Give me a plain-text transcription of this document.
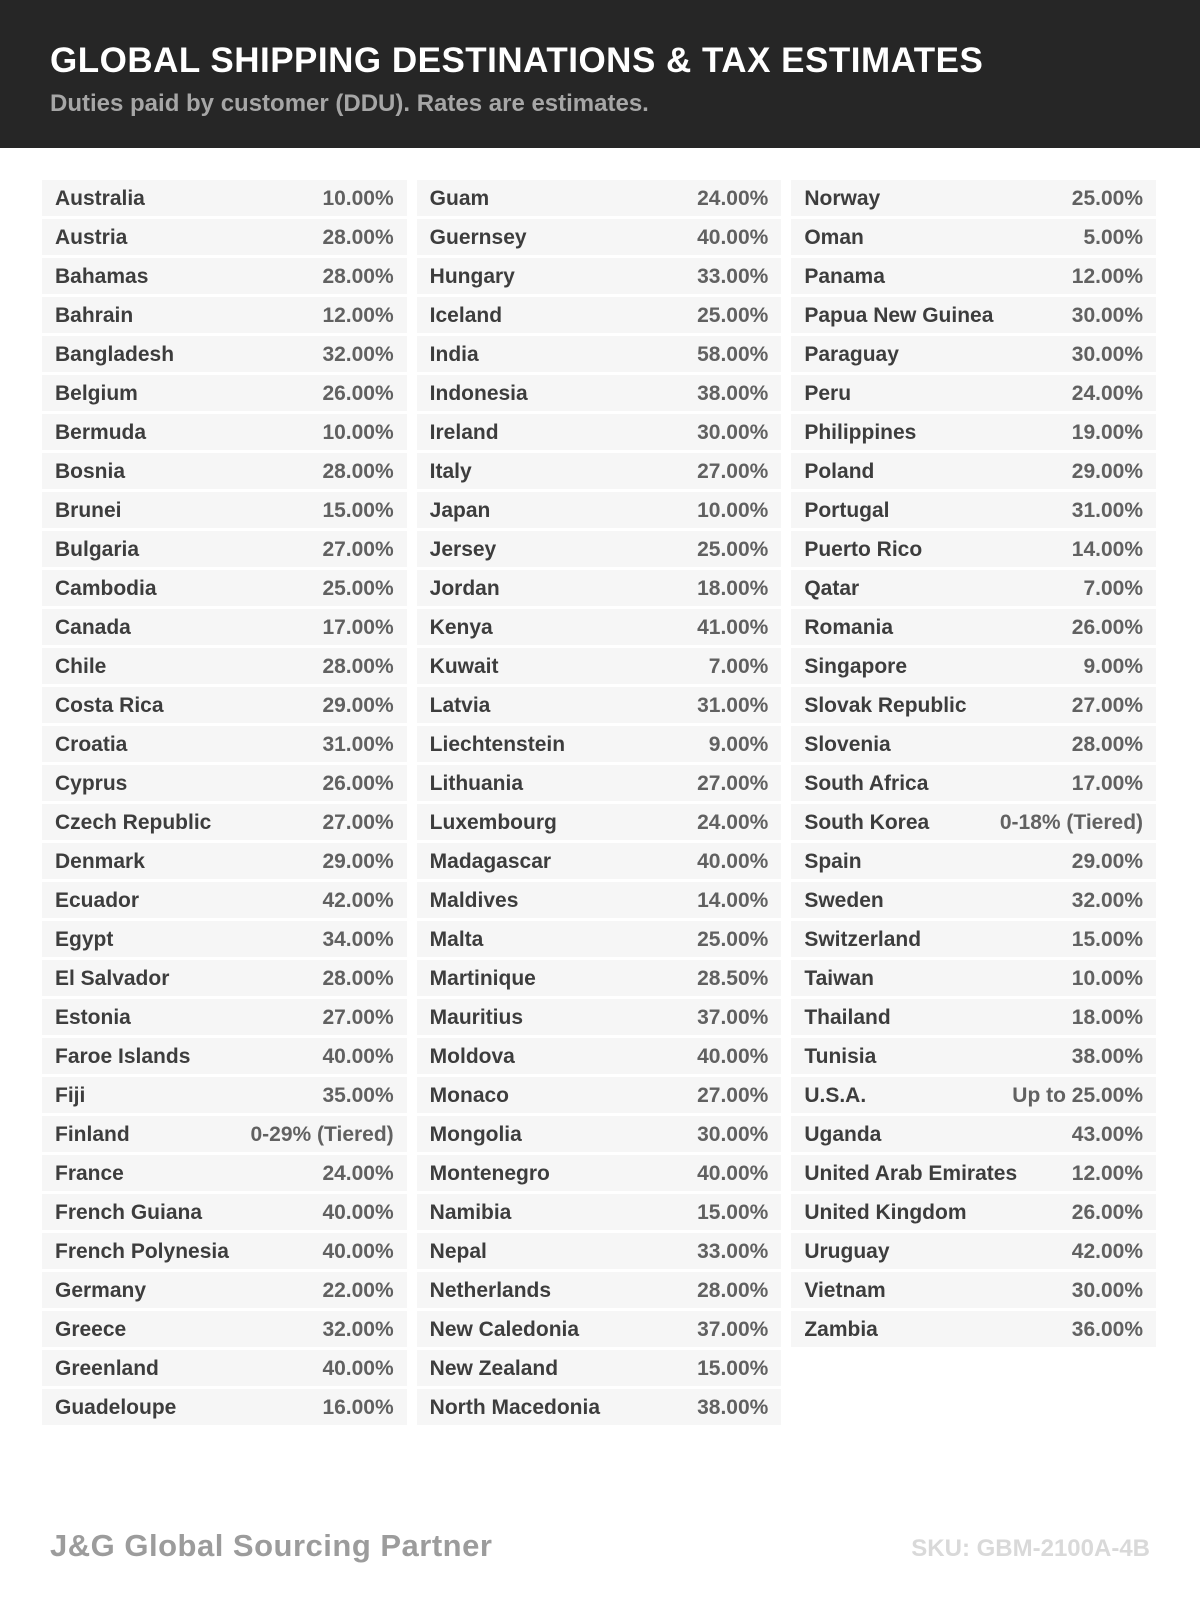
GLOBAL SHIPPING DESTINATIONS & TAX ESTIMATES

Duties paid by customer (DDU). Rates are estimates.

Australia	10.00%
Austria	28.00%
Bahamas	28.00%
Bahrain	12.00%
Bangladesh	32.00%
Belgium	26.00%
Bermuda	10.00%
Bosnia	28.00%
Brunei	15.00%
Bulgaria	27.00%
Cambodia	25.00%
Canada	17.00%
Chile	28.00%
Costa Rica	29.00%
Croatia	31.00%
Cyprus	26.00%
Czech Republic	27.00%
Denmark	29.00%
Ecuador	42.00%
Egypt	34.00%
El Salvador	28.00%
Estonia	27.00%
Faroe Islands	40.00%
Fiji	35.00%
Finland	0-29% (Tiered)
France	24.00%
French Guiana	40.00%
French Polynesia	40.00%
Germany	22.00%
Greece	32.00%
Greenland	40.00%
Guadeloupe	16.00%
Guam	24.00%
Guernsey	40.00%
Hungary	33.00%
Iceland	25.00%
India	58.00%
Indonesia	38.00%
Ireland	30.00%
Italy	27.00%
Japan	10.00%
Jersey	25.00%
Jordan	18.00%
Kenya	41.00%
Kuwait	7.00%
Latvia	31.00%
Liechtenstein	9.00%
Lithuania	27.00%
Luxembourg	24.00%
Madagascar	40.00%
Maldives	14.00%
Malta	25.00%
Martinique	28.50%
Mauritius	37.00%
Moldova	40.00%
Monaco	27.00%
Mongolia	30.00%
Montenegro	40.00%
Namibia	15.00%
Nepal	33.00%
Netherlands	28.00%
New Caledonia	37.00%
New Zealand	15.00%
North Macedonia	38.00%
Norway	25.00%
Oman	5.00%
Panama	12.00%
Papua New Guinea	30.00%
Paraguay	30.00%
Peru	24.00%
Philippines	19.00%
Poland	29.00%
Portugal	31.00%
Puerto Rico	14.00%
Qatar	7.00%
Romania	26.00%
Singapore	9.00%
Slovak Republic	27.00%
Slovenia	28.00%
South Africa	17.00%
South Korea	0-18% (Tiered)
Spain	29.00%
Sweden	32.00%
Switzerland	15.00%
Taiwan	10.00%
Thailand	18.00%
Tunisia	38.00%
U.S.A.	Up to 25.00%
Uganda	43.00%
United Arab Emirates	12.00%
United Kingdom	26.00%
Uruguay	42.00%
Vietnam	30.00%
Zambia	36.00%
J&G Global Sourcing Partner	SKU: GBM-2100A-4B
